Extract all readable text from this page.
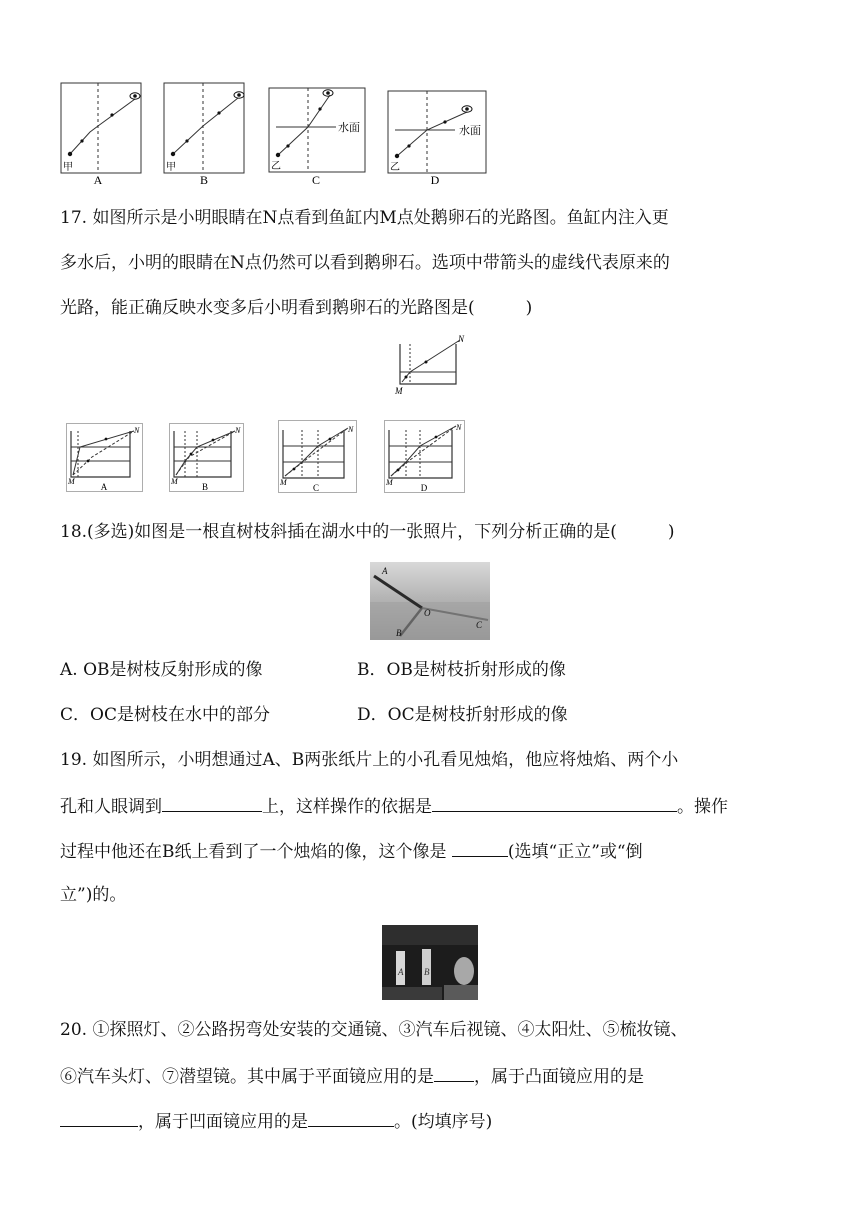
甲
A
甲
B
水面
乙
C
水面
乙
D
17. 如图所示是小明眼睛在N点看到鱼缸内M点处鹅卵石的光路图。鱼缸内注入更
多水后，小明的眼睛在N点仍然可以看到鹅卵石。选项中带箭头的虚线代表原来的
光路，能正确反映水变多后小明看到鹅卵石的光路图是(　　　)
N
M
N
M
A
N
M
B
N
M
C
N
M
D
18.(多选)如图是一根直树枝斜插在湖水中的一张照片，下列分析正确的是(　　　)
A
O
B
C
A. OB是树枝反射形成的像	B．OB是树枝折射形成的像
C．OC是树枝在水中的部分	D．OC是树枝折射形成的像
19. 如图所示，小明想通过A、B两张纸片上的小孔看见烛焰，他应将烛焰、两个小
孔和人眼调到	上，这样操作的依据是	。操作
过程中他还在B纸上看到了一个烛焰的像，这个像是	(选填“正立”或“倒
立”)的。
A B
20. ①探照灯、②公路拐弯处安装的交通镜、③汽车后视镜、④太阳灶、⑤梳妆镜、
⑥汽车头灯、⑦潜望镜。其中属于平面镜应用的是 ，属于凸面镜应用的是
，属于凹面镜应用的是	。(均填序号)
